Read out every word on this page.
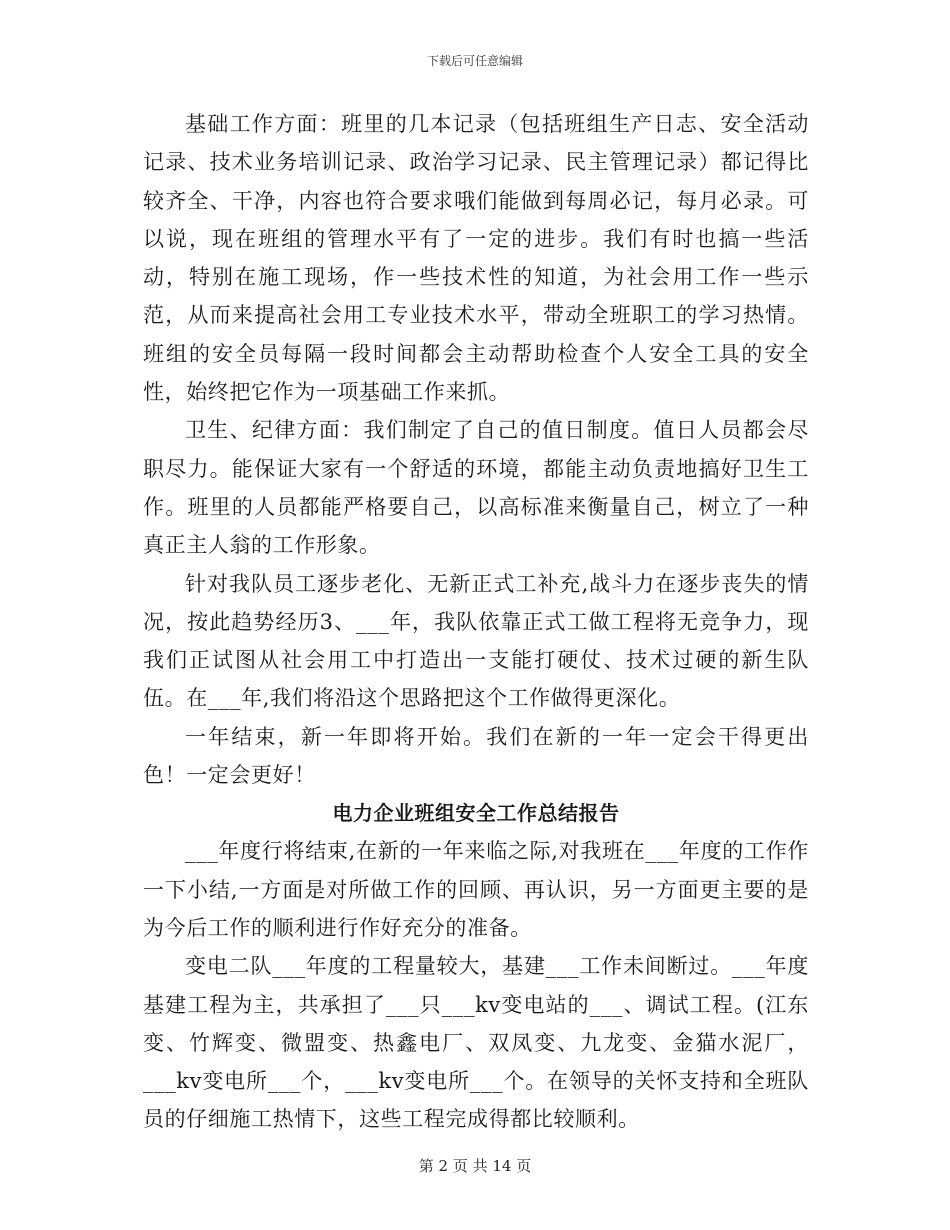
下载后可任意编辑

基础工作方面：班里的几本记录（包括班组生产日志、安全活动记录、技术业务培训记录、政治学习记录、民主管理记录）都记得比较齐全、干净，内容也符合要求哦们能做到每周必记，每月必录。可以说，现在班组的管理水平有了一定的进步。我们有时也搞一些活动，特别在施工现场，作一些技术性的知道，为社会用工作一些示范，从而来提高社会用工专业技术水平，带动全班职工的学习热情。班组的安全员每隔一段时间都会主动帮助检查个人安全工具的安全性，始终把它作为一项基础工作来抓。

卫生、纪律方面：我们制定了自己的值日制度。值日人员都会尽职尽力。能保证大家有一个舒适的环境，都能主动负责地搞好卫生工作。班里的人员都能严格要自己，以高标准来衡量自己，树立了一种真正主人翁的工作形象。

针对我队员工逐步老化、无新正式工补充,战斗力在逐步丧失的情况，按此趋势经历3、___年，我队依靠正式工做工程将无竞争力，现我们正试图从社会用工中打造出一支能打硬仗、技术过硬的新生队伍。在___年,我们将沿这个思路把这个工作做得更深化。

一年结束，新一年即将开始。我们在新的一年一定会干得更出色！一定会更好！

电力企业班组安全工作总结报告

___年度行将结束,在新的一年来临之际,对我班在___年度的工作作一下小结,一方面是对所做工作的回顾、再认识，另一方面更主要的是为今后工作的顺利进行作好充分的准备。

变电二队___年度的工程量较大，基建___工作未间断过。___年度基建工程为主，共承担了___只___kv变电站的___、调试工程。(江东变、竹辉变、微盟变、热鑫电厂、双凤变、九龙变、金猫水泥厂，___kv变电所___个，___kv变电所___个。在领导的关怀支持和全班队员的仔细施工热情下，这些工程完成得都比较顺利。

第 2 页 共 14 页
